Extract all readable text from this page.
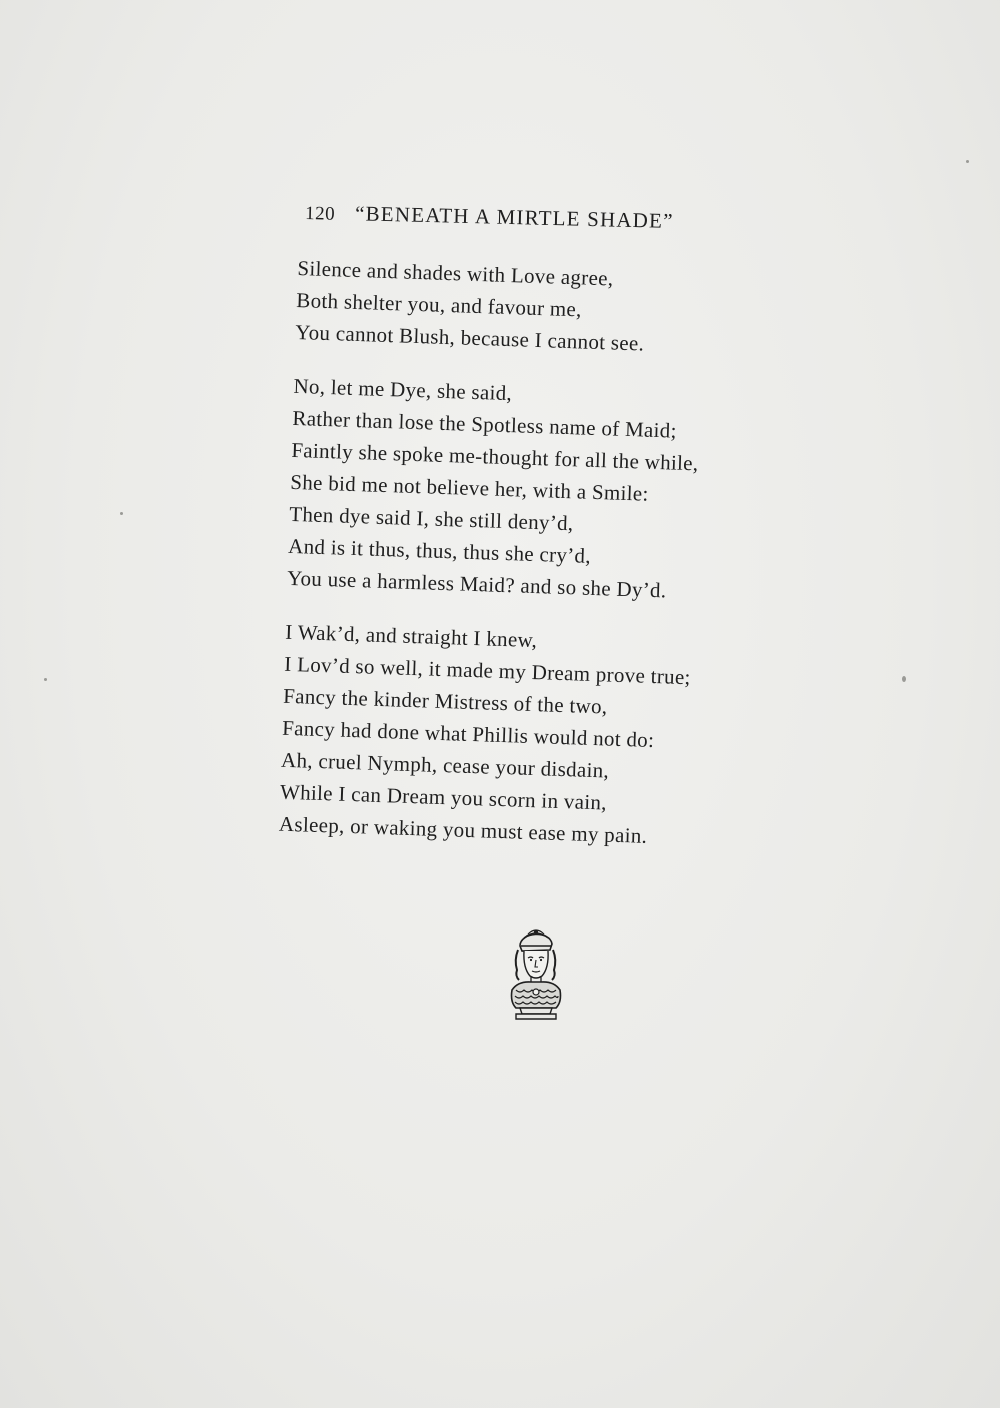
120 “BENEATH A MIRTLE SHADE”
Silence and shades with Love agree,
Both shelter you, and favour me,
You cannot Blush, because I cannot see.
No, let me Dye, she said,
Rather than lose the Spotless name of Maid;
Faintly she spoke me-thought for all the while,
She bid me not believe her, with a Smile:
Then dye said I, she still deny’d,
And is it thus, thus, thus she cry’d,
You use a harmless Maid? and so she Dy’d.
I Wak’d, and straight I knew,
I Lov’d so well, it made my Dream prove true;
Fancy the kinder Mistress of the two,
Fancy had done what Phillis would not do:
Ah, cruel Nymph, cease your disdain,
While I can Dream you scorn in vain,
Asleep, or waking you must ease my pain.
